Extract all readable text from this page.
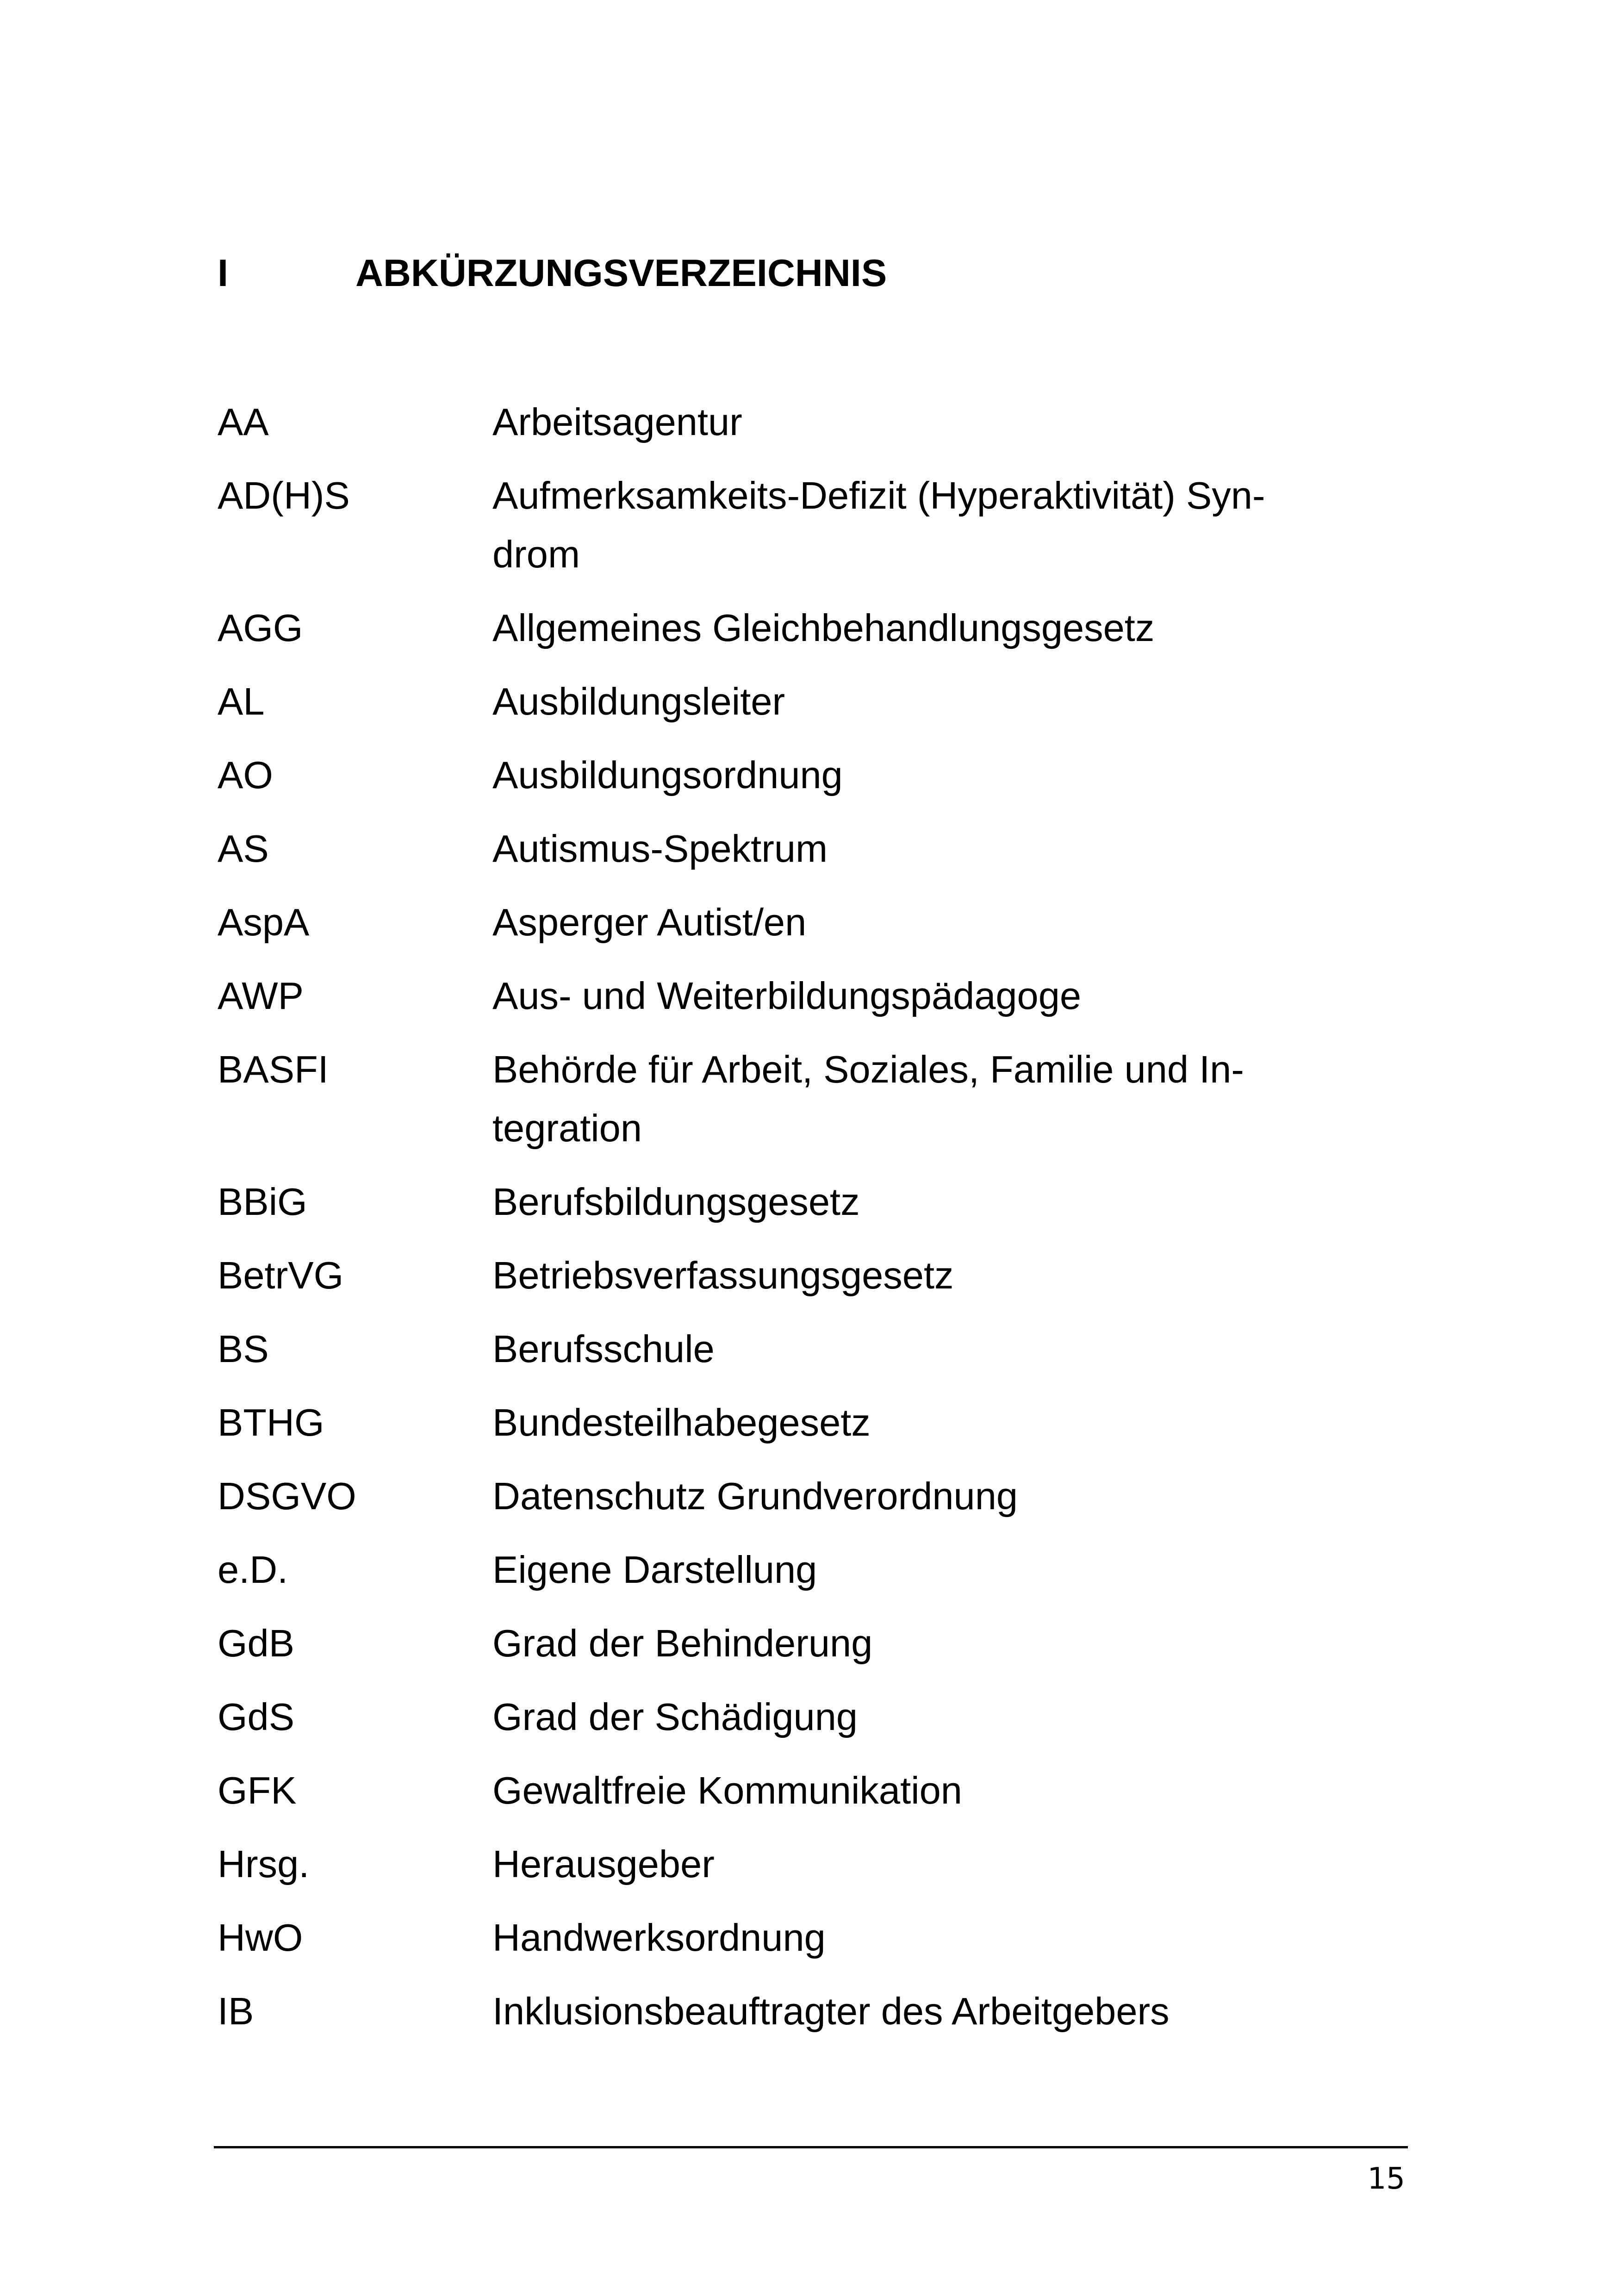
I	ABKÜRZUNGSVERZEICHNIS
AA	Arbeitsagentur
AD(H)S	Aufmerksamkeits-Defizit (Hyperaktivität) Syn-
drom
AGG	Allgemeines Gleichbehandlungsgesetz
AL	Ausbildungsleiter
AO	Ausbildungsordnung
AS	Autismus-Spektrum
AspA	Asperger Autist/en
AWP	Aus- und Weiterbildungspädagoge
BASFI	Behörde für Arbeit, Soziales, Familie und In-
tegration
BBiG	Berufsbildungsgesetz
BetrVG	Betriebsverfassungsgesetz
BS	Berufsschule
BTHG	Bundesteilhabegesetz
DSGVO	Datenschutz Grundverordnung
e.D.	Eigene Darstellung
GdB	Grad der Behinderung
GdS	Grad der Schädigung
GFK	Gewaltfreie Kommunikation
Hrsg.	Herausgeber
HwO	Handwerksordnung
IB	Inklusionsbeauftragter des Arbeitgebers
15
